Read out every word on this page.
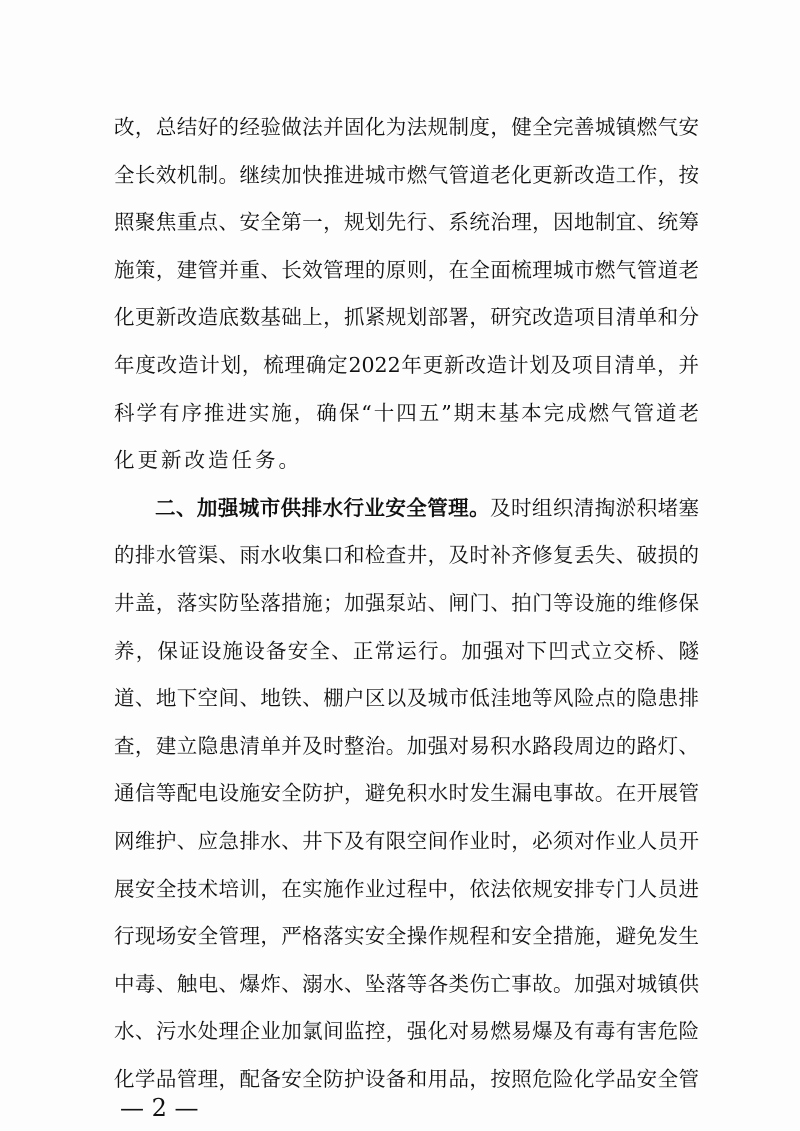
改，总结好的经验做法并固化为法规制度，健全完善城镇燃气安
全长效机制。继续加快推进城市燃气管道老化更新改造工作，按
照聚焦重点、安全第一，规划先行、系统治理，因地制宜、统筹
施策，建管并重、长效管理的原则，在全面梳理城市燃气管道老
化更新改造底数基础上，抓紧规划部署，研究改造项目清单和分
年度改造计划，梳理确定2022年更新改造计划及项目清单，并
科学有序推进实施，确保“十四五”期末基本完成燃气管道老
化更新改造任务。
二、加强城市供排水行业安全管理。及时组织清掏淤积堵塞
的排水管渠、雨水收集口和检查井，及时补齐修复丢失、破损的
井盖，落实防坠落措施；加强泵站、闸门、拍门等设施的维修保
养，保证设施设备安全、正常运行。加强对下凹式立交桥、隧
道、地下空间、地铁、棚户区以及城市低洼地等风险点的隐患排
查，建立隐患清单并及时整治。加强对易积水路段周边的路灯、
通信等配电设施安全防护，避免积水时发生漏电事故。在开展管
网维护、应急排水、井下及有限空间作业时，必须对作业人员开
展安全技术培训，在实施作业过程中，依法依规安排专门人员进
行现场安全管理，严格落实安全操作规程和安全措施，避免发生
中毒、触电、爆炸、溺水、坠落等各类伤亡事故。加强对城镇供
水、污水处理企业加氯间监控，强化对易燃易爆及有毒有害危险
化学品管理，配备安全防护设备和用品，按照危险化学品安全管
— 2 —
